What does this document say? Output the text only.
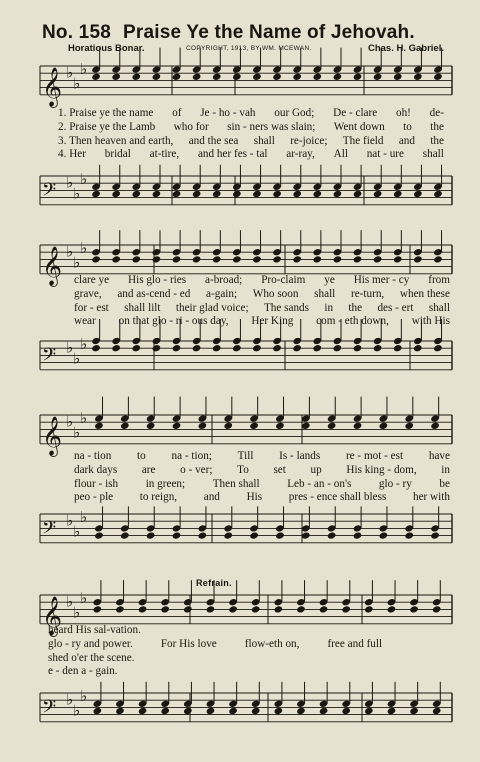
No. 158 Praise Ye the Name of Jehovah.
Horatious Bonar.	COPYRIGHT, 1913, BY WM. MCEWAN.	Chas. H. Gabriel.
Refrain.
𝄞 ♭
♭
♭
𝄢 ♭
♭
♭
𝄞 ♭
♭
♭
𝄢 ♭
♭
♭
𝄞 ♭
♭
♭
𝄢 ♭
♭
♭
𝄞 ♭
♭
♭
𝄢 ♭
♭
♭
1. Praise ye the name of Je - ho - vah our God; De - clare oh! de-
2. Praise ye the Lamb who for sin - ners was slain; Went down to the
3. Then heaven and earth, and the sea shall re-joice; The field and the
4. Her bridal at-tire, and her fes - tal ar-ray, All nat - ure shall
clare ye His glo - ries a-broad; Pro-claim ye His mer - cy from
grave, and as-cend - ed a-gain; Who soon shall re-turn, when these
for - est shall lilt their glad voice; The sands in the des - ert shall
wear on that glo - ri - ous day, Her King com - eth down, with His
na - tion to na - tion; Till Is - lands re - mot - est have
dark days are o - ver; To set up His king - dom, in
flour - ish in green; Then shall Leb - an - on's glo - ry be
peo - ple to reign, and His pres - ence shall bless her with
heard His sal-vation.
glo - ry and power.	For His love	flow-eth on,	free and full
shed o'er the scene.
e - den a - gain.
